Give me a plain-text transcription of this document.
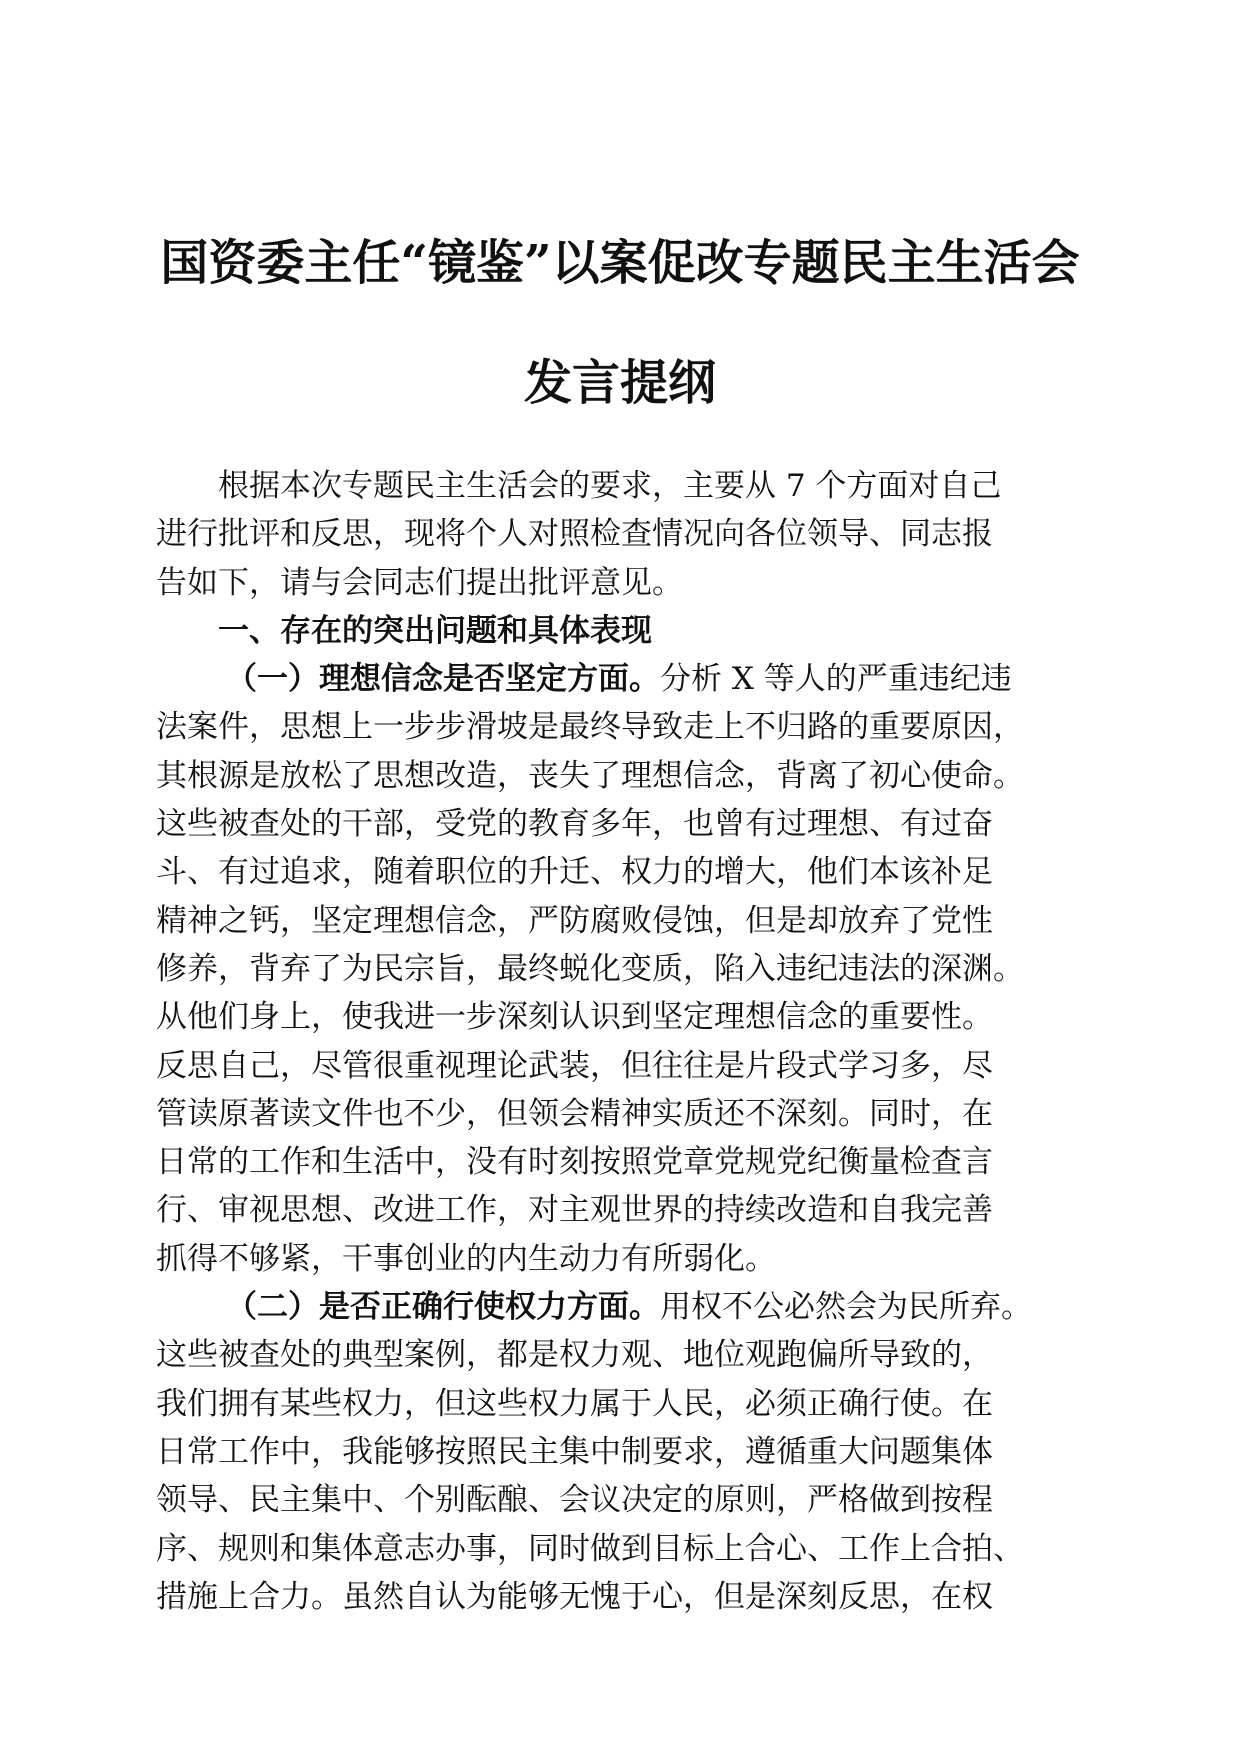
国资委主任“镜鉴”以案促改专题民主生活会
发言提纲
根据本次专题民主生活会的要求，主要从 7 个方面对自己
进行批评和反思，现将个人对照检查情况向各位领导、同志报
告如下，请与会同志们提出批评意见。
一、存在的突出问题和具体表现
（一）理想信念是否坚定方面。分析 X 等人的严重违纪违
法案件，思想上一步步滑坡是最终导致走上不归路的重要原因，
其根源是放松了思想改造，丧失了理想信念，背离了初心使命。
这些被查处的干部，受党的教育多年，也曾有过理想、有过奋
斗、有过追求，随着职位的升迁、权力的增大，他们本该补足
精神之钙，坚定理想信念，严防腐败侵蚀，但是却放弃了党性
修养，背弃了为民宗旨，最终蜕化变质，陷入违纪违法的深渊。
从他们身上，使我进一步深刻认识到坚定理想信念的重要性。
反思自己，尽管很重视理论武装，但往往是片段式学习多，尽
管读原著读文件也不少，但领会精神实质还不深刻。同时，在
日常的工作和生活中，没有时刻按照党章党规党纪衡量检查言
行、审视思想、改进工作，对主观世界的持续改造和自我完善
抓得不够紧，干事创业的内生动力有所弱化。
（二）是否正确行使权力方面。用权不公必然会为民所弃。
这些被查处的典型案例，都是权力观、地位观跑偏所导致的，
我们拥有某些权力，但这些权力属于人民，必须正确行使。在
日常工作中，我能够按照民主集中制要求，遵循重大问题集体
领导、民主集中、个别酝酿、会议决定的原则，严格做到按程
序、规则和集体意志办事，同时做到目标上合心、工作上合拍、
措施上合力。虽然自认为能够无愧于心，但是深刻反思，在权
